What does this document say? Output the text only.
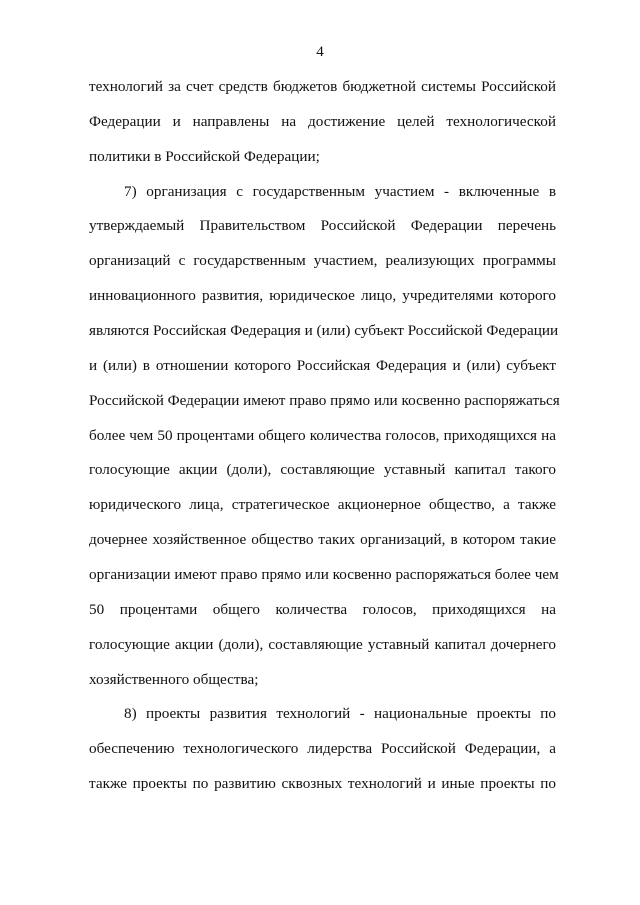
4
технологий за счет средств бюджетов бюджетной системы Российской
Федерации и направлены на достижение целей технологической
политики в Российской Федерации;
7) организация с государственным участием - включенные в
утверждаемый Правительством Российской Федерации перечень
организаций с государственным участием, реализующих программы
инновационного развития, юридическое лицо, учредителями которого
являются Российская Федерация и (или) субъект Российской Федерации
и (или) в отношении которого Российская Федерация и (или) субъект
Российской Федерации имеют право прямо или косвенно распоряжаться
более чем 50 процентами общего количества голосов, приходящихся на
голосующие акции (доли), составляющие уставный капитал такого
юридического лица, стратегическое акционерное общество, а также
дочернее хозяйственное общество таких организаций, в котором такие
организации имеют право прямо или косвенно распоряжаться более чем
50 процентами общего количества голосов, приходящихся на
голосующие акции (доли), составляющие уставный капитал дочернего
хозяйственного общества;
8) проекты развития технологий - национальные проекты по
обеспечению технологического лидерства Российской Федерации, а
также проекты по развитию сквозных технологий и иные проекты по
